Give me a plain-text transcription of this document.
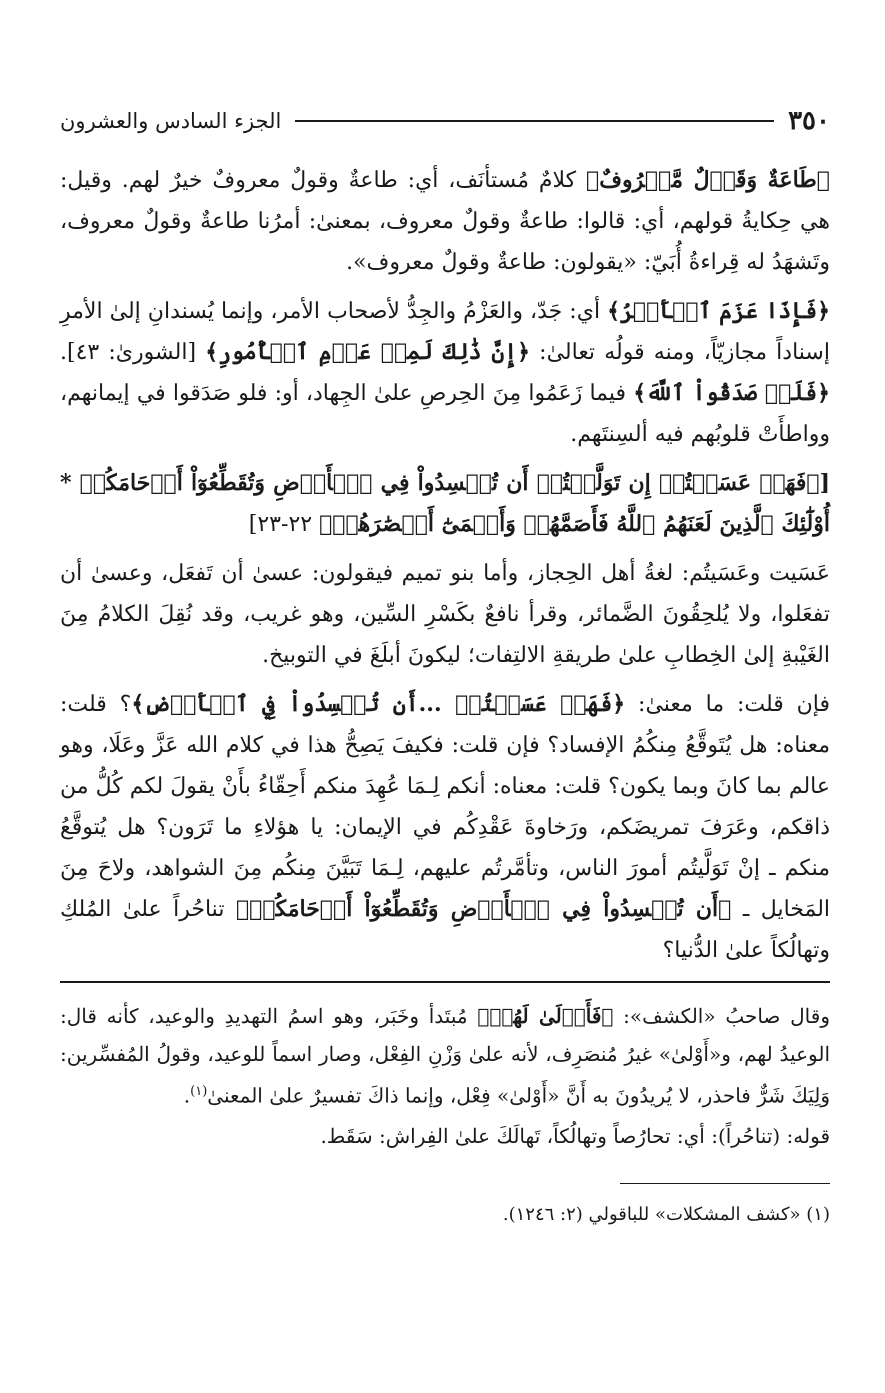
٣٥٠
الجزء السادس والعشرون
﴿طَاعَةٌ وَقَوۡلٌ مَّعۡرُوفٌ﴾ كلامٌ مُستأنَف، أي: طاعةٌ وقولٌ معروفٌ خيرٌ لهم. وقيل: هي حِكايةُ قولهم، أي: قالوا: طاعةٌ وقولٌ معروف، بمعنىٰ: أمرُنا طاعةٌ وقولٌ معروف، وتَشهَدُ له قِراءةُ أُبَيّ: «يقولون: طاعةٌ وقولٌ معروف».
﴿فَإِذَا عَزَمَ ٱلۡأَمۡرُ﴾ أي: جَدّ، والعَزْمُ والجِدُّ لأصحاب الأمر، وإنما يُسندانِ إلىٰ الأمرِ إسناداً مجازيّاً، ومنه قولُه تعالىٰ: ﴿إِنَّ ذَٰلِكَ لَمِنۡ عَزۡمِ ٱلۡأُمُورِ﴾ [الشورىٰ: ٤٣]. ﴿فَلَوۡ صَدَقُواْ ٱللَّهَ﴾ فيما زَعَمُوا مِنَ الحِرصِ علىٰ الجِهاد، أو: فلو صَدَقوا في إيمانهم، وواطأَتْ قلوبُهم فيه ألسِنتَهم.
[﴿فَهَلۡ عَسَيۡتُمۡ إِن تَوَلَّيۡتُمۡ أَن تُفۡسِدُواْ فِي ٱلۡأَرۡضِ وَتُقَطِّعُوٓاْ أَرۡحَامَكُمۡ * أُوْلَٰٓئِكَ ٱلَّذِينَ لَعَنَهُمُ ٱللَّهُ فَأَصَمَّهُمۡ وَأَعۡمَىٰٓ أَبۡصَٰرَهُمۡ﴾ ٢٢-٢٣]
عَسَيت وعَسَيتُم: لغةُ أهل الحِجاز، وأما بنو تميم فيقولون: عسىٰ أن تَفعَل، وعسىٰ أن تفعَلوا، ولا يُلحِقُونَ الضَّمائر، وقرأ نافعٌ بكَسْرِ السِّين، وهو غريب، وقد نُقِلَ الكلامُ مِنَ الغَيْبةِ إلىٰ الخِطابِ علىٰ طريقةِ الالتِفات؛ ليكونَ أبلَغَ في التوبيخ.
فإن قلت: ما معنىٰ: ﴿فَهَلۡ عَسَيۡتُمۡ ...أَن تُفۡسِدُواْ فِي ٱلۡأَرۡضِ﴾؟ قلت: معناه: هل يُتَوقَّعُ مِنكُمُ الإفساد؟ فإن قلت: فكيفَ يَصِحُّ هذا في كلام الله عَزَّ وعَلَا، وهو عالم بما كانَ وبما يكون؟ قلت: معناه: أنكم لِـمَا عُهِدَ منكم أَحِقّاءُ بأَنْ يقولَ لكم كُلُّ من ذاقكم، وعَرَفَ تمريضَكم، ورَخاوةَ عَقْدِكُم في الإيمان: يا هؤلاءِ ما تَرَون؟ هل يُتوقَّعُ منكم ـ إنْ تَوَلَّيتُم أمورَ الناس، وتأمَّرتُم عليهم، لِـمَا تَبَيَّنَ مِنكُم مِنَ الشواهد، ولاحَ مِنَ المَخايل ـ ﴿أَن تُفۡسِدُواْ فِي ٱلۡأَرۡضِ وَتُقَطِّعُوٓاْ أَرۡحَامَكُمۡ﴾ تناحُراً علىٰ المُلكِ وتهالُكاً علىٰ الدُّنيا؟
وقال صاحبُ «الكشف»: ﴿فَأَوۡلَىٰ لَهُمۡ﴾ مُبتَدأ وخَبَر، وهو اسمُ التهديدِ والوعيد، كأنه قال: الوعيدُ لهم، و«أَوْلىٰ» غيرُ مُنصَرِف، لأنه علىٰ وَزْنِ الفِعْل، وصار اسماً للوعيد، وقولُ المُفسِّرين: وَلِيَكَ شَرٌّ فاحذر، لا يُريدُونَ به أَنَّ «أَوْلىٰ» فِعْل، وإنما ذاكَ تفسيرٌ علىٰ المعنىٰ$^{(١)}$.
قوله: (تناحُراً): أي: تحارُصاً وتهالُكاً، تَهالَكَ علىٰ الفِراش: سَقَط.
(١) «كشف المشكلات» للباقولي (٢: ١٢٤٦).
